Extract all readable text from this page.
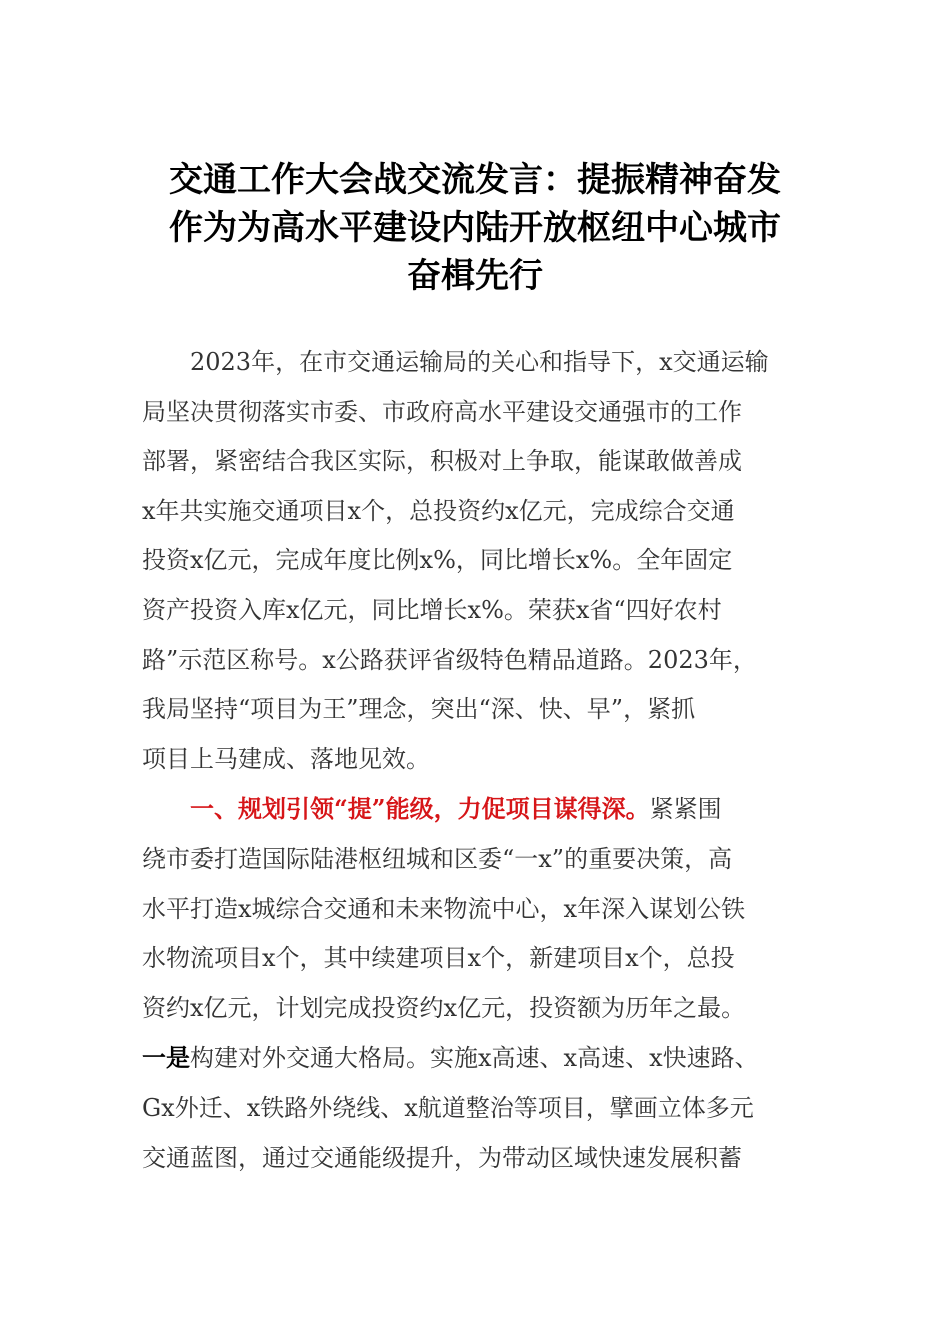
交通工作大会战交流发言：提振精神奋发
作为为高水平建设内陆开放枢纽中心城市
奋楫先行
2023年，在市交通运输局的关心和指导下，x交通运输
局坚决贯彻落实市委、市政府高水平建设交通强市的工作
部署，紧密结合我区实际，积极对上争取，能谋敢做善成
x年共实施交通项目x个，总投资约x亿元，完成综合交通
投资x亿元，完成年度比例x%，同比增长x%。全年固定
资产投资入库x亿元，同比增长x%。荣获x省“四好农村
路”示范区称号。x公路获评省级特色精品道路。2023年，
我局坚持“项目为王”理念，突出“深、快、早”，紧抓
项目上马建成、落地见效。
一、规划引领“提”能级，力促项目谋得深。紧紧围
绕市委打造国际陆港枢纽城和区委“一x”的重要决策，高
水平打造x城综合交通和未来物流中心，x年深入谋划公铁
水物流项目x个，其中续建项目x个，新建项目x个，总投
资约x亿元，计划完成投资约x亿元，投资额为历年之最。
一是构建对外交通大格局。实施x高速、x高速、x快速路、
Gx外迁、x铁路外绕线、x航道整治等项目，擘画立体多元
交通蓝图，通过交通能级提升，为带动区域快速发展积蓄
